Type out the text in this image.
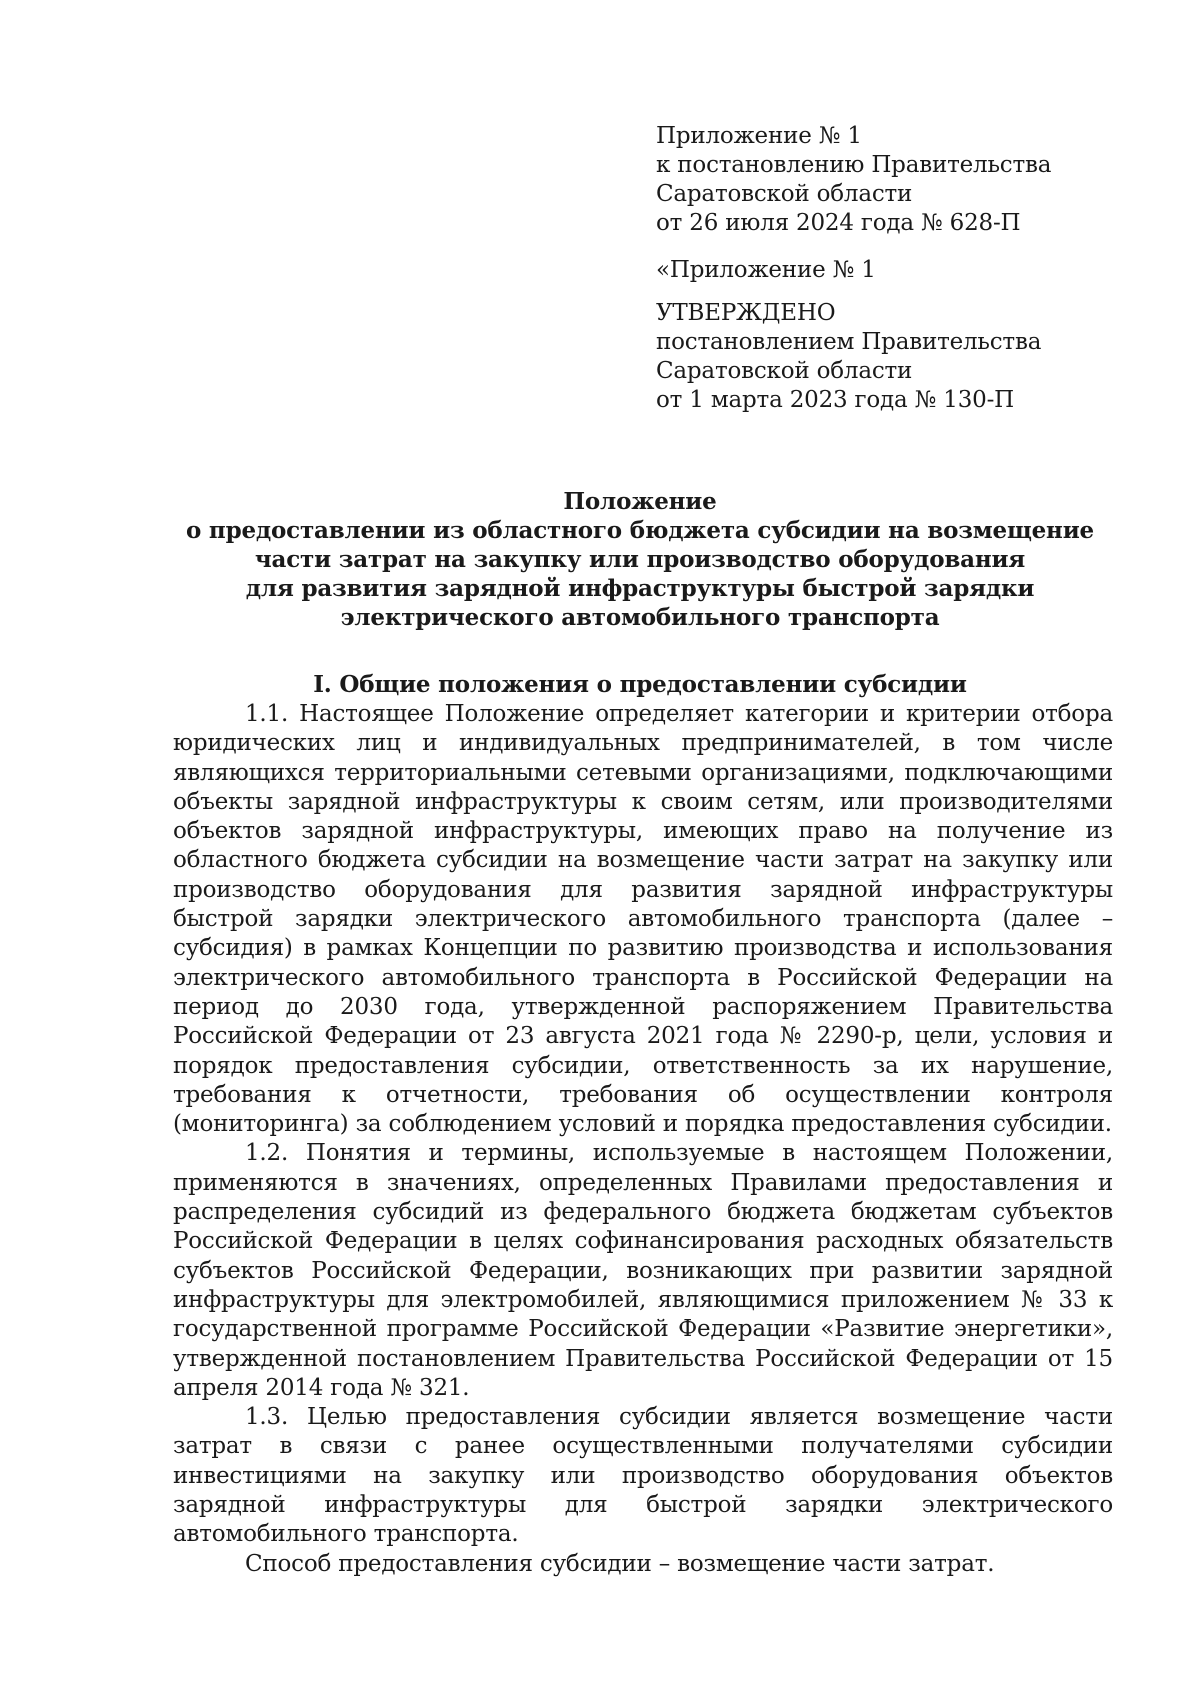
Приложение № 1
к постановлению Правительства
Саратовской области
от 26 июля 2024 года № 628-П
«Приложение № 1
УТВЕРЖДЕНО
постановлением Правительства
Саратовской области
от 1 марта 2023 года № 130-П
Положение
о предоставлении из областного бюджета субсидии на возмещение
части затрат на закупку или производство оборудования
для развития зарядной инфраструктуры быстрой зарядки
электрического автомобильного транспорта
I. Общие положения о предоставлении субсидии

1.1. Настоящее Положение определяет категории и критерии отбора юридических лиц и индивидуальных предпринимателей, в том числе являющихся территориальными сетевыми организациями, подключающими объекты зарядной инфраструктуры к своим сетям, или производителями объектов зарядной инфраструктуры, имеющих право на получение из областного бюджета субсидии на возмещение части затрат на закупку или производство оборудования для развития зарядной инфраструктуры быстрой зарядки электрического автомобильного транспорта (далее – субсидия) в рамках Концепции по развитию производства и использования электрического автомобильного транспорта в Российской Федерации на период до 2030 года, утвержденной распоряжением Правительства Российской Федерации от 23 августа 2021 года № 2290-р, цели, условия и порядок предоставления субсидии, ответственность за их нарушение, требования к отчетности, требования об осуществлении контроля (мониторинга) за соблюдением условий и порядка предоставления субсидии.

1.2. Понятия и термины, используемые в настоящем Положении, применяются в значениях, определенных Правилами предоставления и распределения субсидий из федерального бюджета бюджетам субъектов Российской Федерации в целях софинансирования расходных обязательств субъектов Российской Федерации, возникающих при развитии зарядной инфраструктуры для электромобилей, являющимися приложением № 33 к государственной программе Российской Федерации «Развитие энергетики», утвержденной постановлением Правительства Российской Федерации от 15 апреля 2014 года № 321.

1.3. Целью предоставления субсидии является возмещение части затрат в связи с ранее осуществленными получателями субсидии инвестициями на закупку или производство оборудования объектов зарядной инфраструктуры для быстрой зарядки электрического автомобильного транспорта.

Способ предоставления субсидии – возмещение части затрат.
